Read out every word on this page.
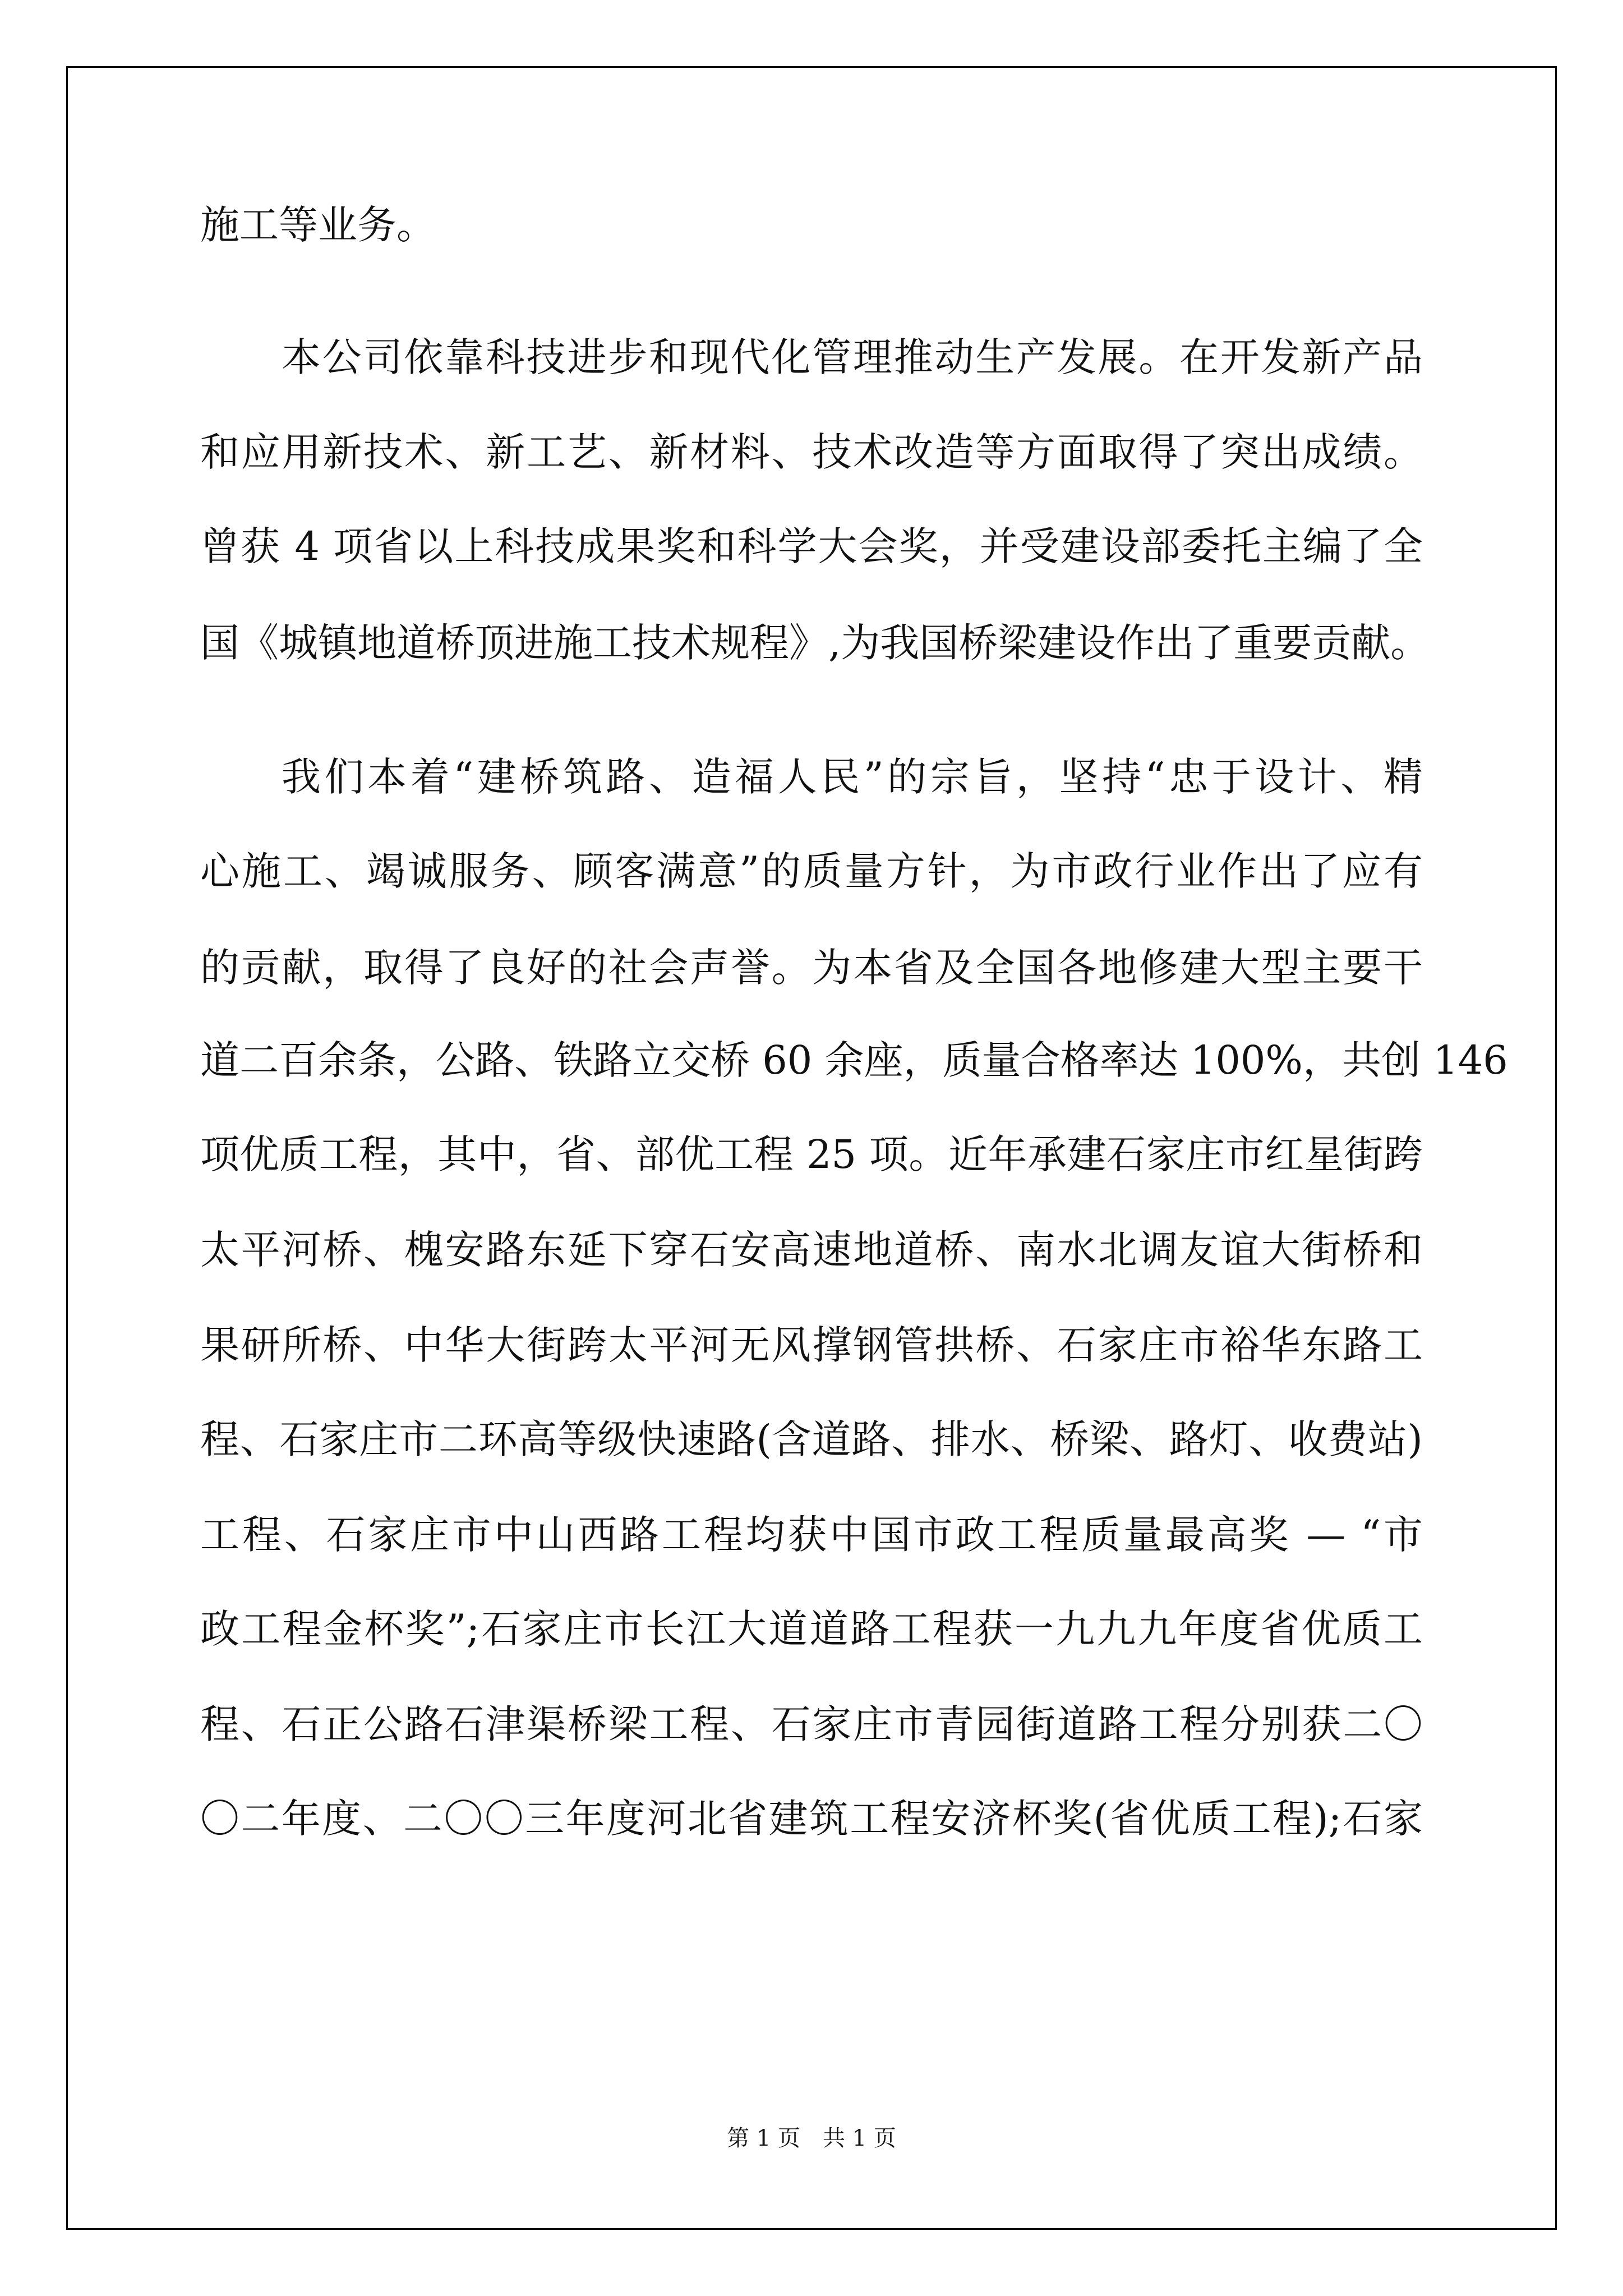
施工等业务。
本公司依靠科技进步和现代化管理推动生产发展。在开发新产品
和应用新技术、新工艺、新材料、技术改造等方面取得了突出成绩。
曾获 4 项省以上科技成果奖和科学大会奖，并受建设部委托主编了全
国《城镇地道桥顶进施工技术规程》,为我国桥梁建设作出了重要贡献。
我们本着“建桥筑路、造福人民”的宗旨，坚持“忠于设计、精
心施工、竭诚服务、顾客满意”的质量方针，为市政行业作出了应有
的贡献，取得了良好的社会声誉。为本省及全国各地修建大型主要干
道二百余条，公路、铁路立交桥 60 余座，质量合格率达 100%，共创 146
项优质工程，其中，省、部优工程 25 项。近年承建石家庄市红星街跨
太平河桥、槐安路东延下穿石安高速地道桥、南水北调友谊大街桥和
果研所桥、中华大街跨太平河无风撑钢管拱桥、石家庄市裕华东路工
程、石家庄市二环高等级快速路(含道路、排水、桥梁、路灯、收费站)
工程、石家庄市中山西路工程均获中国市政工程质量最高奖 — “市
政工程金杯奖”;石家庄市长江大道道路工程获一九九九年度省优质工
程、石正公路石津渠桥梁工程、石家庄市青园街道路工程分别获二〇
〇二年度、二〇〇三年度河北省建筑工程安济杯奖(省优质工程);石家
第 1 页　共 1 页
